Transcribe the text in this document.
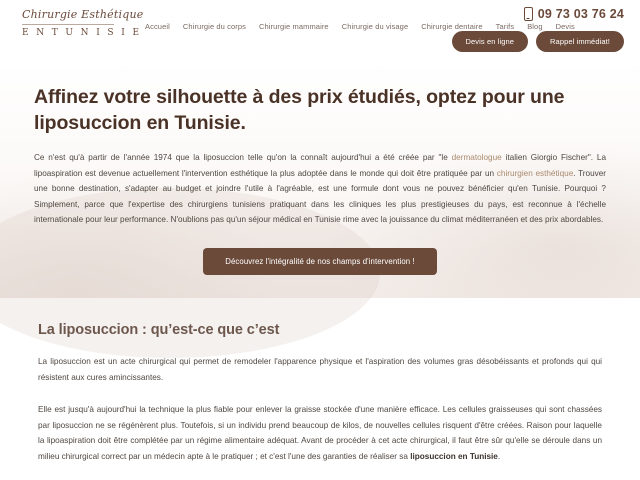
Chirurgie Esthétique
E N T U N I S I E
Accueil Chirurgie du corps Chirurgie mammaire Chirurgie du visage Chirurgie dentaire Tarifs Blog Devis
09 73 03 76 24
Devis en ligne	Rappel immédiat!
Affinez votre silhouette à des prix étudiés, optez pour une liposuccion en Tunisie.

Ce n'est qu'à partir de l'année 1974 que la liposuccion telle qu'on la connaît aujourd'hui a été créée par "le dermatologue italien Giorgio Fischer". La lipoaspiration est devenue actuellement l'intervention esthétique la plus adoptée dans le monde qui doit être pratiquée par un chirurgien esthétique. Trouver une bonne destination, s'adapter au budget et joindre l'utile à l'agréable, est une formule dont vous ne pouvez bénéficier qu'en Tunisie. Pourquoi ? Simplement, parce que l'expertise des chirurgiens tunisiens pratiquant dans les cliniques les plus prestigieuses du pays, est reconnue à l'échelle internationale pour leur performance. N'oublions pas qu'un séjour médical en Tunisie rime avec la jouissance du climat méditerranéen et des prix abordables.

Découvrez l'intégralité de nos champs d'intervention !
La liposuccion : qu’est-ce que c’est

La liposuccion est un acte chirurgical qui permet de remodeler l'apparence physique et l'aspiration des volumes gras désobéissants et profonds qui qui résistent aux cures amincissantes.

Elle est jusqu'à aujourd'hui la technique la plus fiable pour enlever la graisse stockée d'une manière efficace. Les cellules graisseuses qui sont chassées par liposuccion ne se régénèrent plus. Toutefois, si un individu prend beaucoup de kilos, de nouvelles cellules risquent d'être créées. Raison pour laquelle la lipoaspiration doit être complétée par un régime alimentaire adéquat. Avant de procéder à cet acte chirurgical, il faut être sûr qu'elle se déroule dans un milieu chirurgical correct par un médecin apte à le pratiquer ; et c'est l'une des garanties de réaliser sa liposuccion en Tunisie.
